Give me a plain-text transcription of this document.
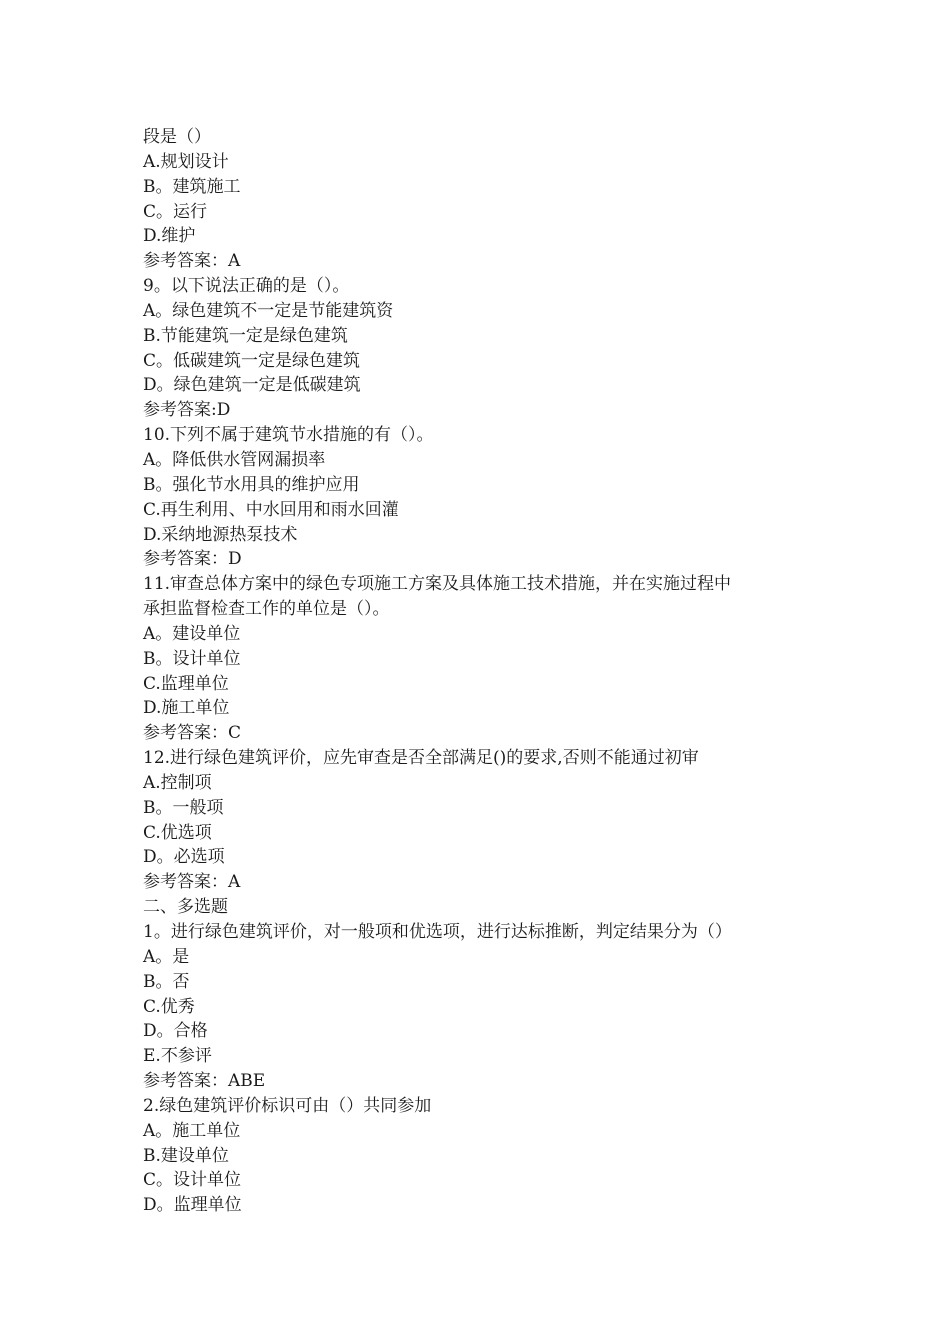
段是（）

A.规划设计

B。建筑施工

C。运行

D.维护

参考答案：A

9。以下说法正确的是（）。

A。绿色建筑不一定是节能建筑资

B.节能建筑一定是绿色建筑

C。低碳建筑一定是绿色建筑

D。绿色建筑一定是低碳建筑

参考答案:D

10.下列不属于建筑节水措施的有（）。

A。降低供水管网漏损率

B。强化节水用具的维护应用

C.再生利用、中水回用和雨水回灌

D.采纳地源热泵技术

参考答案：D

11.审查总体方案中的绿色专项施工方案及具体施工技术措施，并在实施过程中

承担监督检查工作的单位是（）。

A。建设单位

B。设计单位

C.监理单位

D.施工单位

参考答案：C

12.进行绿色建筑评价，应先审查是否全部满足()的要求,否则不能通过初审

A.控制项

B。一般项

C.优选项

D。必选项

参考答案：A

二、多选题

1。进行绿色建筑评价，对一般项和优选项，进行达标推断，判定结果分为（）

A。是

B。否

C.优秀

D。合格

E.不参评

参考答案：ABE

2.绿色建筑评价标识可由（）共同参加

A。施工单位

B.建设单位

C。设计单位

D。监理单位
